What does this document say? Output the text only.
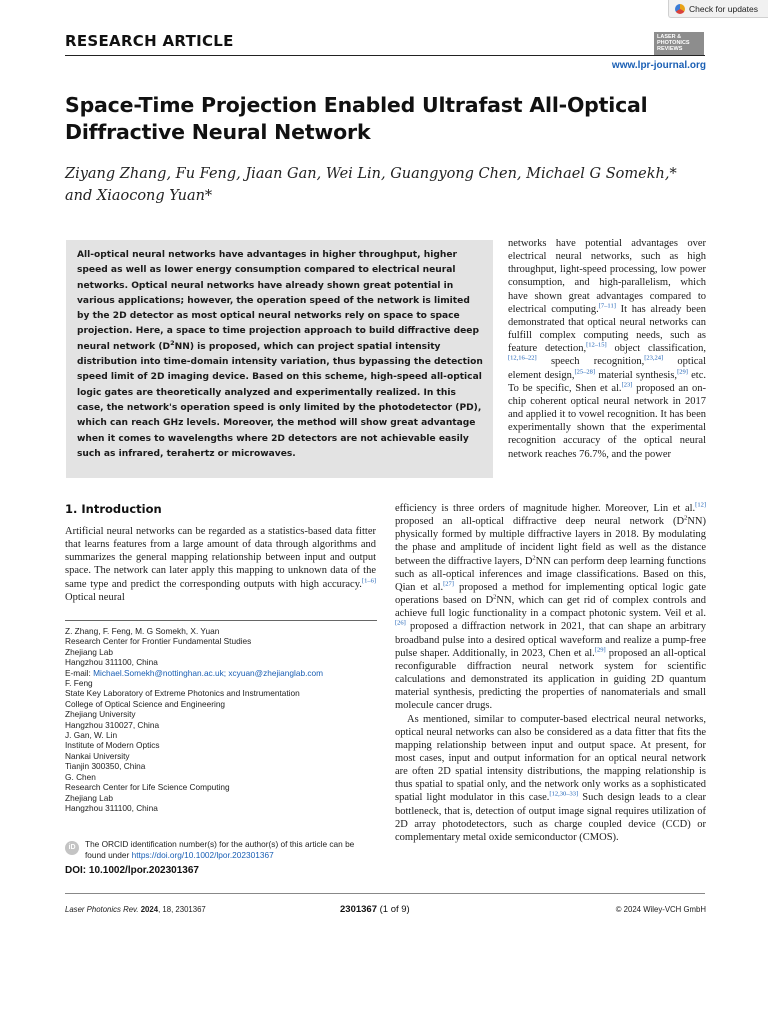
Check for updates
RESEARCH ARTICLE	LASER & PHOTONICS REVIEWS
www.lpr-journal.org
Space-Time Projection Enabled Ultrafast All-Optical Diffractive Neural Network
Ziyang Zhang, Fu Feng, Jiaan Gan, Wei Lin, Guangyong Chen, Michael G Somekh,* and Xiaocong Yuan*
All-optical neural networks have advantages in higher throughput, higher speed as well as lower energy consumption compared to electrical neural networks. Optical neural networks have already shown great potential in various applications; however, the operation speed of the network is limited by the 2D detector as most optical neural networks rely on space to space projection. Here, a space to time projection approach to build diffractive deep neural network $(D^2NN)$ is proposed, which can project spatial intensity distribution into time-domain intensity variation, thus bypassing the detection speed limit of 2D imaging device. Based on this scheme, high-speed all-optical logic gates are theoretically analyzed and experimentally realized. In this case, the network's operation speed is only limited by the photodetector (PD), which can reach GHz levels. Moreover, the method will show great advantage when it comes to wavelengths where 2D detectors are not achievable easily such as infrared, terahertz or microwaves.
networks have potential advantages over electrical neural networks, such as high throughput, light-speed processing, low power consumption, and high-parallelism, which have shown great advantages compared to electrical computing.[7–11] It has already been demonstrated that optical neural networks can fulfill complex computing needs, such as feature detection,[12–15] object classification,[12,16–22] speech recognition,[23,24] optical element design,[25–28] material synthesis,[29] etc. To be specific, Shen et al.[23] proposed an on-chip coherent optical neural network in 2017 and applied it to vowel recognition. It has been experimentally shown that the experimental recognition accuracy of the optical neural network reaches 76.7%, and the power
1. Introduction
Artificial neural networks can be regarded as a statistics-based data fitter that learns features from a large amount of data through algorithms and summarizes the general mapping relationship between input and output space. The network can later apply this mapping to unknown data of the same type and predict the corresponding outputs with high accuracy.[1–6] Optical neural
efficiency is three orders of magnitude higher. Moreover, Lin et al.[12] proposed an all-optical diffractive deep neural network $(D^2NN)$ physically formed by multiple diffractive layers in 2018. By modulating the phase and amplitude of incident light field as well as the distance between the diffractive layers, $D^2NN$ can perform deep learning functions such as all-optical inferences and image classifications. Based on this, Qian et al.[27] proposed a method for implementing optical logic gate operations based on $D^2NN$, which can get rid of complex controls and achieve full logic functionality in a compact photonic system. Veil et al.[26] proposed a diffraction network in 2021, that can shape an arbitrary broadband pulse into a desired optical waveform and realize a pump-free pulse shaper. Additionally, in 2023, Chen et al.[29] proposed an all-optical reconfigurable diffraction neural network system for scientific calculations and demonstrated its application in guiding 2D quantum material synthesis, predicting the properties of nanomaterials and small molecule cancer drugs.
As mentioned, similar to computer-based electrical neural networks, optical neural networks can also be considered as a data fitter that fits the mapping relationship between input and output space. At present, for most cases, input and output information for an optical neural network are often 2D spatial intensity distributions, the mapping relationship is thus spatial to spatial only, and the network only works as a sophisticated spatial light modulator in this case.[12,30–33] Such design leads to a clear bottleneck, that is, detection of output image signal requires utilization of 2D array photodetectors, such as charge coupled device (CCD) or complementary metal oxide semiconductor (CMOS).
Z. Zhang, F. Feng, M. G Somekh, X. Yuan
Research Center for Frontier Fundamental Studies
Zhejiang Lab
Hangzhou 311100, China
E-mail: Michael.Somekh@nottinghan.ac.uk; xcyuan@zhejianglab.com
F. Feng
State Key Laboratory of Extreme Photonics and Instrumentation
College of Optical Science and Engineering
Zhejiang University
Hangzhou 310027, China
J. Gan, W. Lin
Institute of Modern Optics
Nankai University
Tianjin 300350, China
G. Chen
Research Center for Life Science Computing
Zhejiang Lab
Hangzhou 311100, China
iD	The ORCID identification number(s) for the author(s) of this article can be found under https://doi.org/10.1002/lpor.202301367
DOI: 10.1002/lpor.202301367
Laser Photonics Rev. 2024, 18, 2301367	2301367 (1 of 9)	© 2024 Wiley-VCH GmbH
